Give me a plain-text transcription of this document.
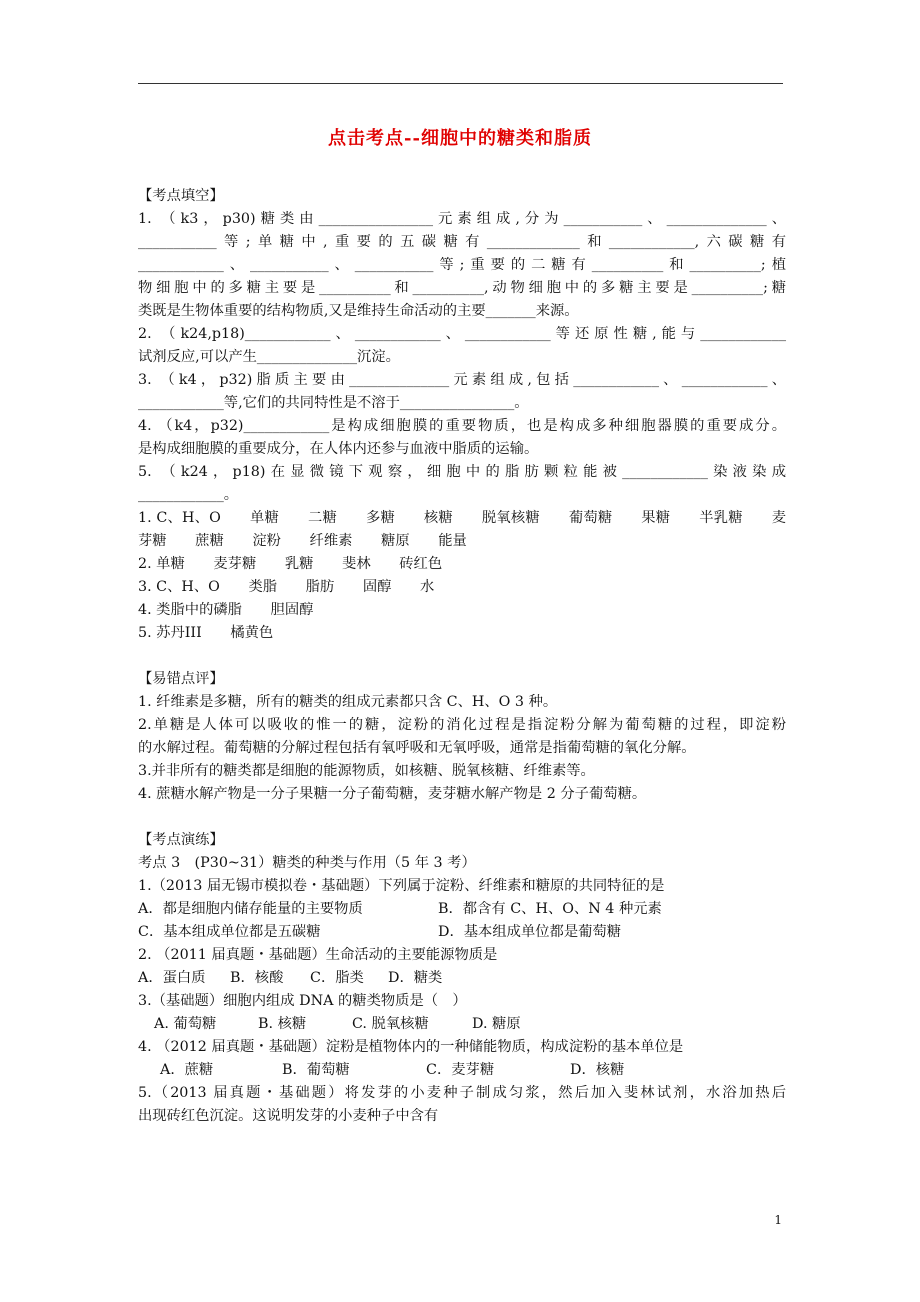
点击考点--细胞中的糖类和脂质

【考点填空】

1. （k3，p30)糖类由________________元素组成,分为___________、______________、

___________等;单糖中,重要的五碳糖有_____________和____________,六碳糖有

____________、___________、___________等;重要的二糖有__________和__________;植

物细胞中的多糖主要是__________和__________,动物细胞中的多糖主要是__________;糖

类既是生物体重要的结构物质,又是维持生命活动的主要_______来源。

2. （k24,p18)____________、____________、____________等还原性糖,能与____________

试剂反应,可以产生______________沉淀。

3. （k4，p32)脂质主要由______________元素组成,包括____________、____________、

____________等,它们的共同特性是不溶于________________。

4. （k4，p32)____________是构成细胞膜的重要物质，也是构成多种细胞器膜的重要成分。

是构成细胞膜的重要成分，在人体内还参与血液中脂质的运输。

5. （k24，p18)在显微镜下观察，细胞中的脂肪颗粒能被____________染液染成

____________。

1. C、H、O　　单糖　　二糖　　多糖　　核糖　　脱氧核糖　　葡萄糖　　果糖　　半乳糖　　麦

芽糖　　蔗糖　　淀粉　　纤维素　　糖原　　能量

2. 单糖　　麦芽糖　　乳糖　　斐林　　砖红色

3. C、H、O　　类脂　　脂肪　　固醇　　水

4. 类脂中的磷脂　　胆固醇

5. 苏丹III　　橘黄色

【易错点评】

1. 纤维素是多糖，所有的糖类的组成元素都只含 C、H、O 3 种。

2.单糖是人体可以吸收的惟一的糖，淀粉的消化过程是指淀粉分解为葡萄糖的过程，即淀粉

的水解过程。葡萄糖的分解过程包括有氧呼吸和无氧呼吸，通常是指葡萄糖的氧化分解。

3.并非所有的糖类都是细胞的能源物质，如核糖、脱氧核糖、纤维素等。

4. 蔗糖水解产物是一分子果糖一分子葡萄糖，麦芽糖水解产物是 2 分子葡萄糖。

【考点演练】

考点 3　(P30~31）糖类的种类与作用（5 年 3 考）

1.（2013 届无锡市模拟卷・基础题）下列属于淀粉、纤维素和糖原的共同特征的是

A．都是细胞内储存能量的主要物质	B．都含有 C、H、O、N 4 种元素

C．基本组成单位都是五碳糖	D．基本组成单位都是葡萄糖

2. （2011 届真题・基础题）生命活动的主要能源物质是

A．蛋白质 B．核酸 C．脂类 D．糖类

3.（基础题）细胞内组成 DNA 的糖类物质是（　）

A. 葡萄糖	B. 核糖	C. 脱氧核糖	D. 糖原

4. （2012 届真题・基础题）淀粉是植物体内的一种储能物质，构成淀粉的基本单位是

A．蔗糖	B．葡萄糖	C．麦芽糖	D．核糖

5.（2013 届真题・基础题）将发芽的小麦种子制成匀浆，然后加入斐林试剂，水浴加热后

出现砖红色沉淀。这说明发芽的小麦种子中含有

1
